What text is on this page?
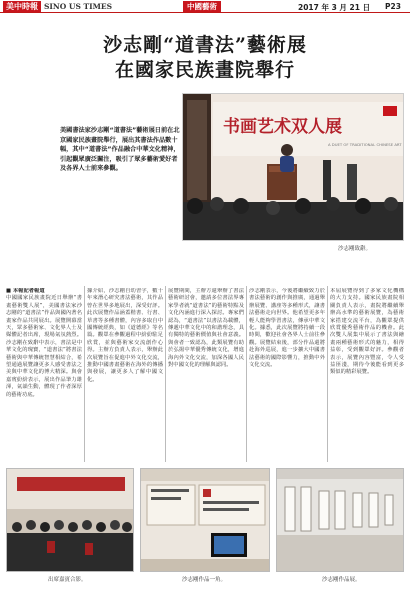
美中時報 SINO US TIMES	中國藝術	2017 年 3 月 21 日 P23
沙志剛“道書法”藝術展
在國家民族畫院舉行
美國書法家沙志剛“道書法”藝術展日前在北京國家民族畫院舉行，展出其書法作品數十幅，其中“道書法”作品融合中華文化精神，引起觀眾廣泛關注，吸引了眾多藝術愛好者及各界人士前來參觀。
书画艺术双人展
A DUET OF TRADITIONAL CHINESE ART
沙志剛致辭。
■ 本報記者報道
中國國家民族畫院近日舉辦“書畫藝術雙人展”，美國書法家沙志剛的“道書法”作品與國內著名畫家作品共同展出。展覽開幕當天，眾多藝術家、文化界人士及媒體記者出席，現場氣氛熱烈。沙志剛在致辭中表示，書法是中華文化的瑰寶，“道書法”將書法藝術與中華傳統智慧相結合，希望通過展覽讓更多人感受書法之美與中華文化的博大精深。與會嘉賓紛紛表示，展出作品筆力雄渾，氣韻生動，體現了作者深厚的藝術功底。
據介紹，沙志剛自幼習字，數十年來潛心研究書法藝術，其作品曾在世界多地展出，深受好評。此次展覽作品涵蓋楷書、行書、草書等多種書體，內容多取自中國傳統經典，如《道德經》等名篇。觀眾在參觀過程中紛紛駐足欣賞，並與藝術家交流創作心得。主辦方負責人表示，舉辦此次展覽旨在促進中外文化交流，推動中國書畫藝術在海外的傳播與發展，讓更多人了解中國文化。
展覽期間，主辦方還舉辦了書法藝術研討會，邀請多位書法界專家學者就“道書法”的藝術特點及文化內涵進行深入探討。專家們認為，“道書法”以書法為載體，傳遞中華文化中的和諧理念，具有獨特的藝術價值與社會意義。與會者一致認為，此類展覽有助於弘揚中華優秀傳統文化，增進海內外文化交流，加深各國人民對中國文化的理解與認同。
沙志剛表示，今後將繼續致力於書法藝術的創作與推廣，通過舉辦展覽、講座等多種形式，讓書法藝術走向世界。他希望更多年輕人能夠學習書法，傳承中華文化。據悉，此次展覽將持續一段時間，歡迎社會各界人士前往參觀。展覽結束後，部分作品還將赴海外巡展，進一步擴大中國書法藝術的國際影響力，推動中外文化交流。
本屆展覽得到了多家文化機構的大力支持。國家民族畫院相關負責人表示，畫院將繼續舉辦高水準的藝術展覽，為藝術家搭建交流平台，為觀眾提供欣賞優秀藝術作品的機會。此次雙人展集中展示了書法與繪畫兩種藝術形式的魅力，相得益彰，受到觀眾好評。參觀者表示，展覽內容豐富，令人受益匪淺，期待今後能看到更多類似的精彩展覽。
出席嘉賓合影。	沙志剛作品一角。	沙志剛作品展。
